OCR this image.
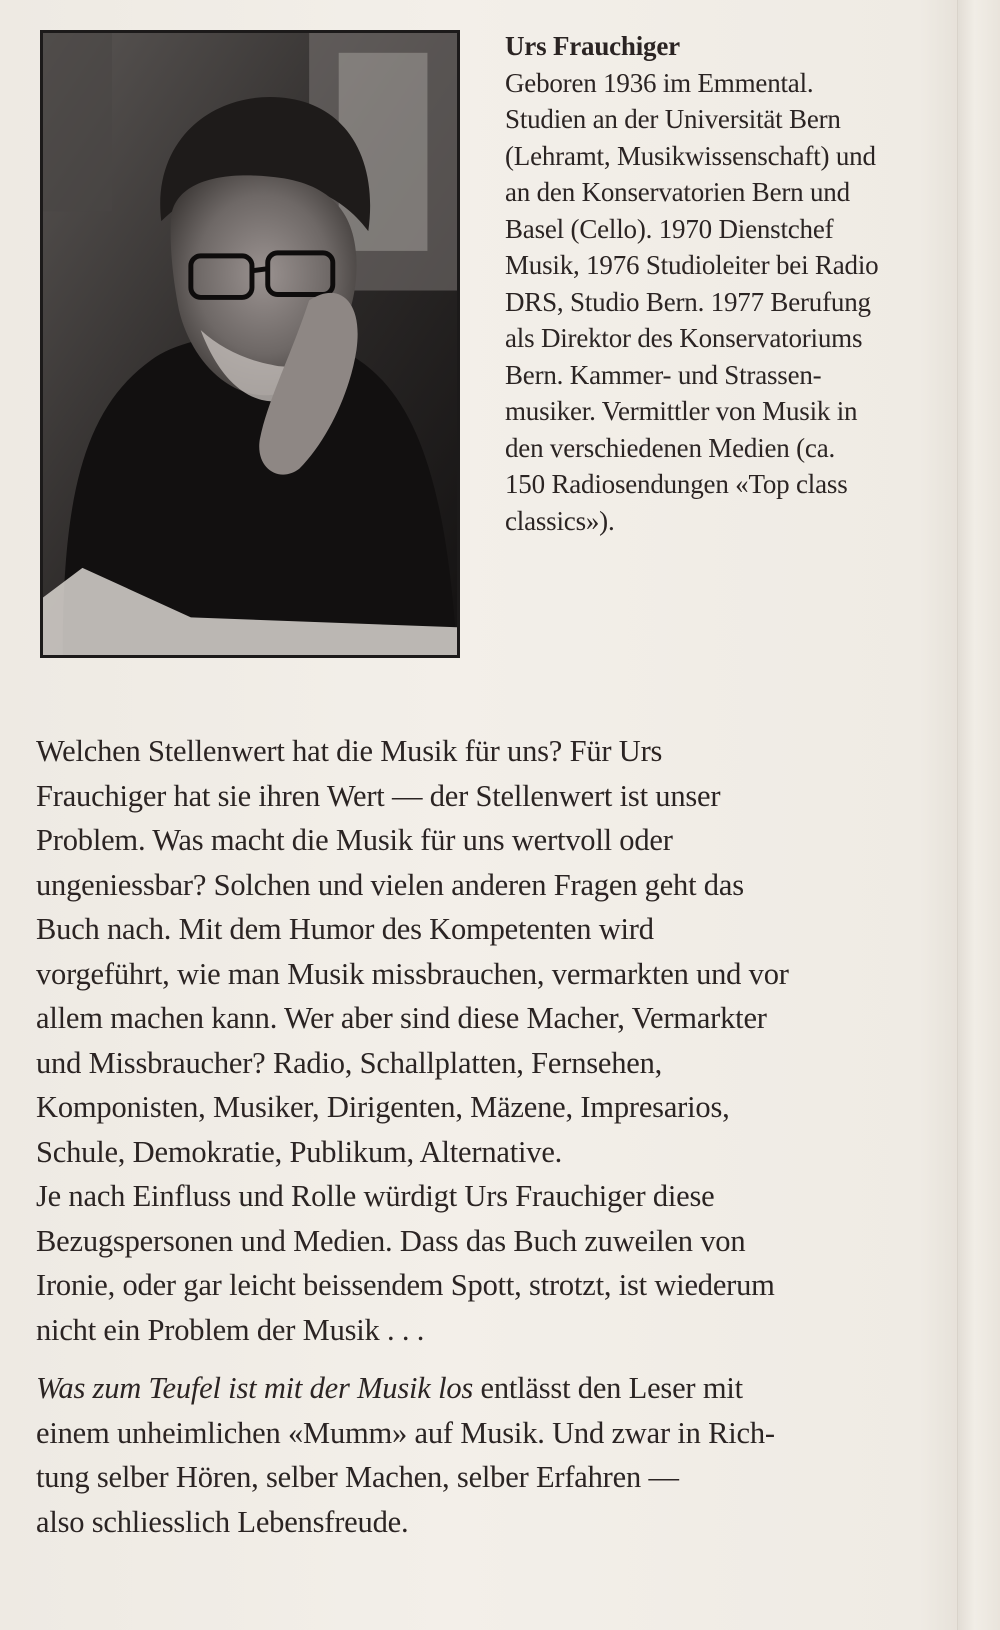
Urs Frauchiger
Geboren 1936 im Emmental.
Studien an der Universität Bern
(Lehramt, Musikwissenschaft) und
an den Konservatorien Bern und
Basel (Cello). 1970 Dienstchef
Musik, 1976 Studioleiter bei Radio
DRS, Studio Bern. 1977 Berufung
als Direktor des Konservatoriums
Bern. Kammer- und Strassen-
musiker. Vermittler von Musik in
den verschiedenen Medien (ca.
150 Radiosendungen «Top class
classics»).
Welchen Stellenwert hat die Musik für uns? Für Urs
Frauchiger hat sie ihren Wert — der Stellenwert ist unser
Problem. Was macht die Musik für uns wertvoll oder
ungeniessbar? Solchen und vielen anderen Fragen geht das
Buch nach. Mit dem Humor des Kompetenten wird
vorgeführt, wie man Musik missbrauchen, vermarkten und vor
allem machen kann. Wer aber sind diese Macher, Vermarkter
und Missbraucher? Radio, Schallplatten, Fernsehen,
Komponisten, Musiker, Dirigenten, Mäzene, Impresarios,
Schule, Demokratie, Publikum, Alternative.
Je nach Einfluss und Rolle würdigt Urs Frauchiger diese
Bezugspersonen und Medien. Dass das Buch zuweilen von
Ironie, oder gar leicht beissendem Spott, strotzt, ist wiederum
nicht ein Problem der Musik . . .
Was zum Teufel ist mit der Musik los entlässt den Leser mit
einem unheimlichen «Mumm» auf Musik. Und zwar in Rich-
tung selber Hören, selber Machen, selber Erfahren —
also schliesslich Lebensfreude.
